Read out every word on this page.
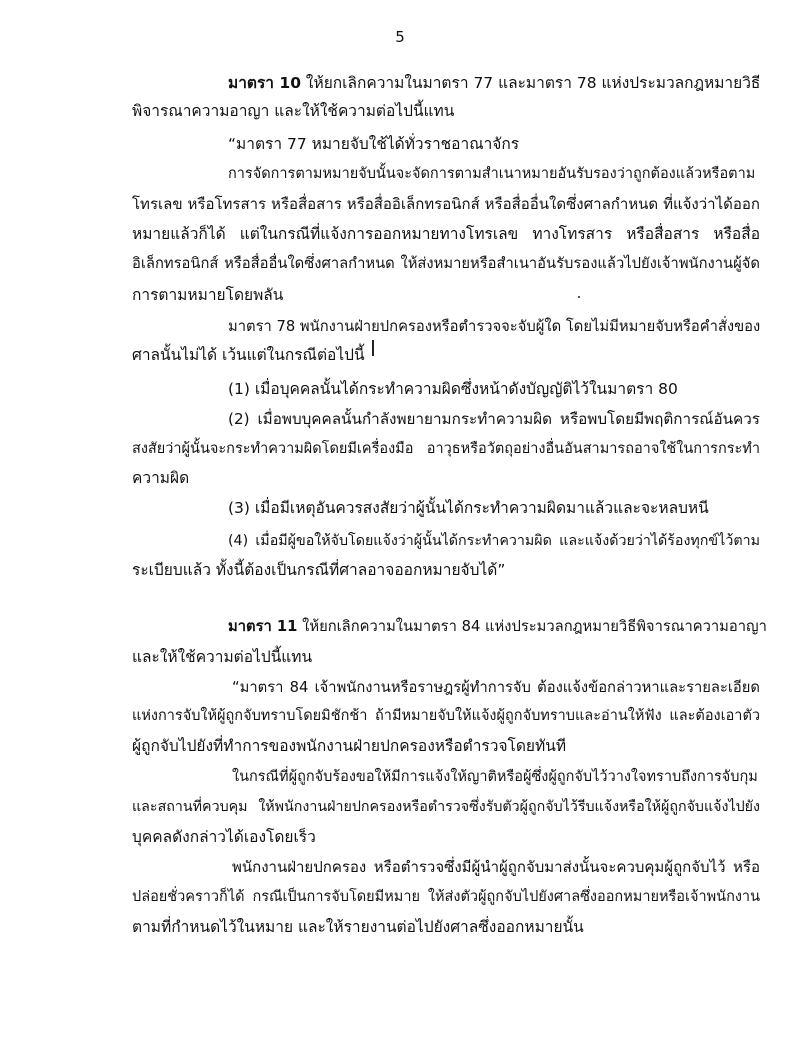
5
มาตรา 10 ให้ยกเลิกความในมาตรา 77 และมาตรา 78 แห่งประมวลกฎหมายวิธี
พิจารณาความอาญา และให้ใช้ความต่อไปนี้แทน
“มาตรา 77 หมายจับใช้ได้ทั่วราชอาณาจักร
การจัดการตามหมายจับนั้นจะจัดการตามสำเนาหมายอันรับรองว่าถูกต้องแล้วหรือตาม
โทรเลข หรือโทรสาร หรือสื่อสาร หรือสื่ออิเล็กทรอนิกส์ หรือสื่ออื่นใดซึ่งศาลกำหนด ที่แจ้งว่าได้ออก
หมายแล้วก็ได้ แต่ในกรณีที่แจ้งการออกหมายทางโทรเลข ทางโทรสาร หรือสื่อสาร หรือสื่อ
อิเล็กทรอนิกส์ หรือสื่ออื่นใดซึ่งศาลกำหนด ให้ส่งหมายหรือสำเนาอันรับรองแล้วไปยังเจ้าพนักงานผู้จัด
การตามหมายโดยพลัน
มาตรา 78 พนักงานฝ่ายปกครองหรือตำรวจจะจับผู้ใด โดยไม่มีหมายจับหรือคำสั่งของ
ศาลนั้นไม่ได้ เว้นแต่ในกรณีต่อไปนี้
(1) เมื่อบุคคลนั้นได้กระทำความผิดซึ่งหน้าดังบัญญัติไว้ในมาตรา 80
(2) เมื่อพบบุคคลนั้นกำลังพยายามกระทำความผิด หรือพบโดยมีพฤติการณ์อันควร
สงสัยว่าผู้นั้นจะกระทำความผิดโดยมีเครื่องมือ อาวุธหรือวัตถุอย่างอื่นอันสามารถอาจใช้ในการกระทำ
ความผิด
(3) เมื่อมีเหตุอันควรสงสัยว่าผู้นั้นได้กระทำความผิดมาแล้วและจะหลบหนี
(4) เมื่อมีผู้ขอให้จับโดยแจ้งว่าผู้นั้นได้กระทำความผิด และแจ้งด้วยว่าได้ร้องทุกข์ไว้ตาม
ระเบียบแล้ว ทั้งนี้ต้องเป็นกรณีที่ศาลอาจออกหมายจับได้”
มาตรา 11 ให้ยกเลิกความในมาตรา 84 แห่งประมวลกฎหมายวิธีพิจารณาความอาญา
และให้ใช้ความต่อไปนี้แทน
“มาตรา 84 เจ้าพนักงานหรือราษฎรผู้ทำการจับ ต้องแจ้งข้อกล่าวหาและรายละเอียด
แห่งการจับให้ผู้ถูกจับทราบโดยมิชักช้า ถ้ามีหมายจับให้แจ้งผู้ถูกจับทราบและอ่านให้ฟัง และต้องเอาตัว
ผู้ถูกจับไปยังที่ทำการของพนักงานฝ่ายปกครองหรือตำรวจโดยทันที
ในกรณีที่ผู้ถูกจับร้องขอให้มีการแจ้งให้ญาติหรือผู้ซึ่งผู้ถูกจับไว้วางใจทราบถึงการจับกุม
และสถานที่ควบคุม ให้พนักงานฝ่ายปกครองหรือตำรวจซึ่งรับตัวผู้ถูกจับไว้รีบแจ้งหรือให้ผู้ถูกจับแจ้งไปยัง
บุคคลดังกล่าวได้เองโดยเร็ว
พนักงานฝ่ายปกครอง หรือตำรวจซึ่งมีผู้นำผู้ถูกจับมาส่งนั้นจะควบคุมผู้ถูกจับไว้ หรือ
ปล่อยชั่วคราวก็ได้ กรณีเป็นการจับโดยมีหมาย ให้ส่งตัวผู้ถูกจับไปยังศาลซึ่งออกหมายหรือเจ้าพนักงาน
ตามที่กำหนดไว้ในหมาย และให้รายงานต่อไปยังศาลซึ่งออกหมายนั้น
